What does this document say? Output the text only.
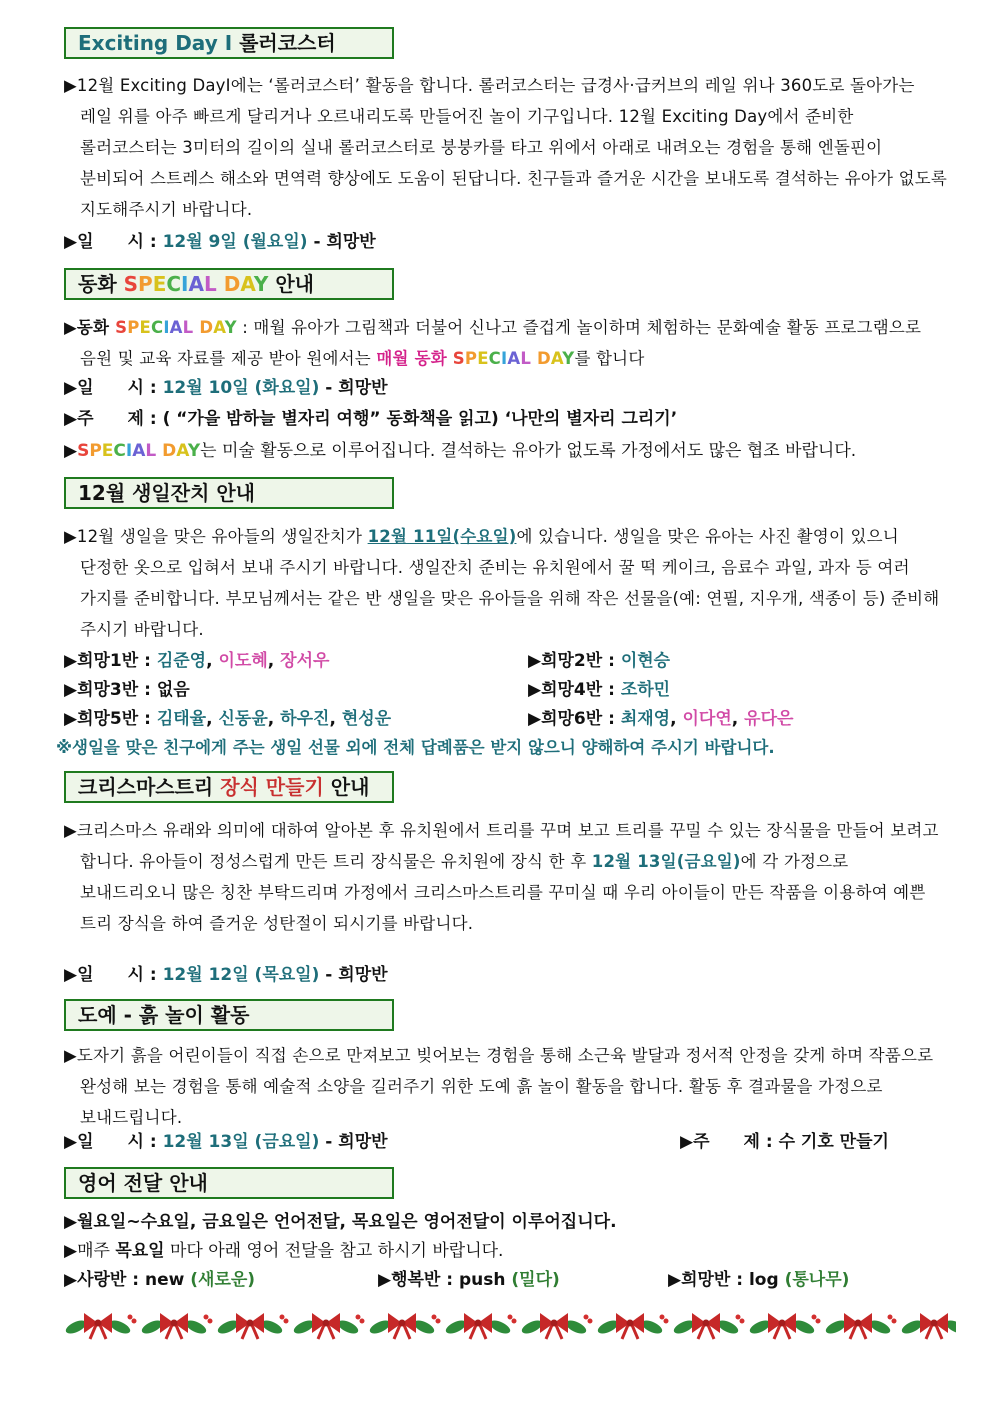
Exciting Day Ⅰ 롤러코스터
▶12월 Exciting DayⅠ에는 ‘롤러코스터’ 활동을 합니다. 롤러코스터는 급경사·급커브의 레일 위나 360도로 돌아가는 레일 위를 아주 빠르게 달리거나 오르내리도록 만들어진 놀이 기구입니다. 12월 Exciting Day에서 준비한 롤러코스터는 3미터의 길이의 실내 롤러코스터로 붕붕카를 타고 위에서 아래로 내려오는 경험을 통해 엔돌핀이 분비되어 스트레스 해소와 면역력 향상에도 도움이 된답니다. 친구들과 즐거운 시간을 보내도록 결석하는 유아가 없도록 지도해주시기 바랍니다.
▶일　　시 : 12월 9일 (월요일) - 희망반
동화 SPECIAL DAY 안내
▶동화 SPECIAL DAY : 매월 유아가 그림책과 더불어 신나고 즐겁게 놀이하며 체험하는 문화예술 활동 프로그램으로 음원 및 교육 자료를 제공 받아 원에서는 매월 동화 SPECIAL DAY를 합니다
▶일　　시 : 12월 10일 (화요일) - 희망반
▶주　　제 : ( “가을 밤하늘 별자리 여행” 동화책을 읽고) ‘나만의 별자리 그리기’
▶SPECIAL DAY는 미술 활동으로 이루어집니다. 결석하는 유아가 없도록 가정에서도 많은 협조 바랍니다.
12월 생일잔치 안내
▶12월 생일을 맞은 유아들의 생일잔치가 12월 11일(수요일)에 있습니다. 생일을 맞은 유아는 사진 촬영이 있으니 단정한 옷으로 입혀서 보내 주시기 바랍니다. 생일잔치 준비는 유치원에서 꿀 떡 케이크, 음료수 과일, 과자 등 여러 가지를 준비합니다. 부모님께서는 같은 반 생일을 맞은 유아들을 위해 작은 선물을(예: 연필, 지우개, 색종이 등) 준비해 주시기 바랍니다.
▶희망1반 : 김준영, 이도혜, 장서우	▶희망2반 : 이현승
▶희망3반 : 없음	▶희망4반 : 조하민
▶희망5반 : 김태율, 신동윤, 하우진, 현성운	▶희망6반 : 최재영, 이다연, 유다은
※생일을 맞은 친구에게 주는 생일 선물 외에 전체 답례품은 받지 않으니 양해하여 주시기 바랍니다.
크리스마스트리 장식 만들기 안내
▶크리스마스 유래와 의미에 대하여 알아본 후 유치원에서 트리를 꾸며 보고 트리를 꾸밀 수 있는 장식물을 만들어 보려고 합니다. 유아들이 정성스럽게 만든 트리 장식물은 유치원에 장식 한 후 12월 13일(금요일)에 각 가정으로 보내드리오니 많은 칭찬 부탁드리며 가정에서 크리스마스트리를 꾸미실 때 우리 아이들이 만든 작품을 이용하여 예쁜 트리 장식을 하여 즐거운 성탄절이 되시기를 바랍니다.
▶일　　시 : 12월 12일 (목요일) - 희망반
도예 - 흙 놀이 활동
▶도자기 흙을 어린이들이 직접 손으로 만져보고 빚어보는 경험을 통해 소근육 발달과 정서적 안정을 갖게 하며 작품으로 완성해 보는 경험을 통해 예술적 소양을 길러주기 위한 도예 흙 놀이 활동을 합니다. 활동 후 결과물을 가정으로 보내드립니다.
▶일　　시 : 12월 13일 (금요일) - 희망반	▶주　　제 : 수 기호 만들기
영어 전달 안내
▶월요일~수요일, 금요일은 언어전달, 목요일은 영어전달이 이루어집니다.
▶매주 목요일 마다 아래 영어 전달을 참고 하시기 바랍니다.
▶사랑반 : new (새로운)	▶행복반 : push (밀다)	▶희망반 : log (통나무)
